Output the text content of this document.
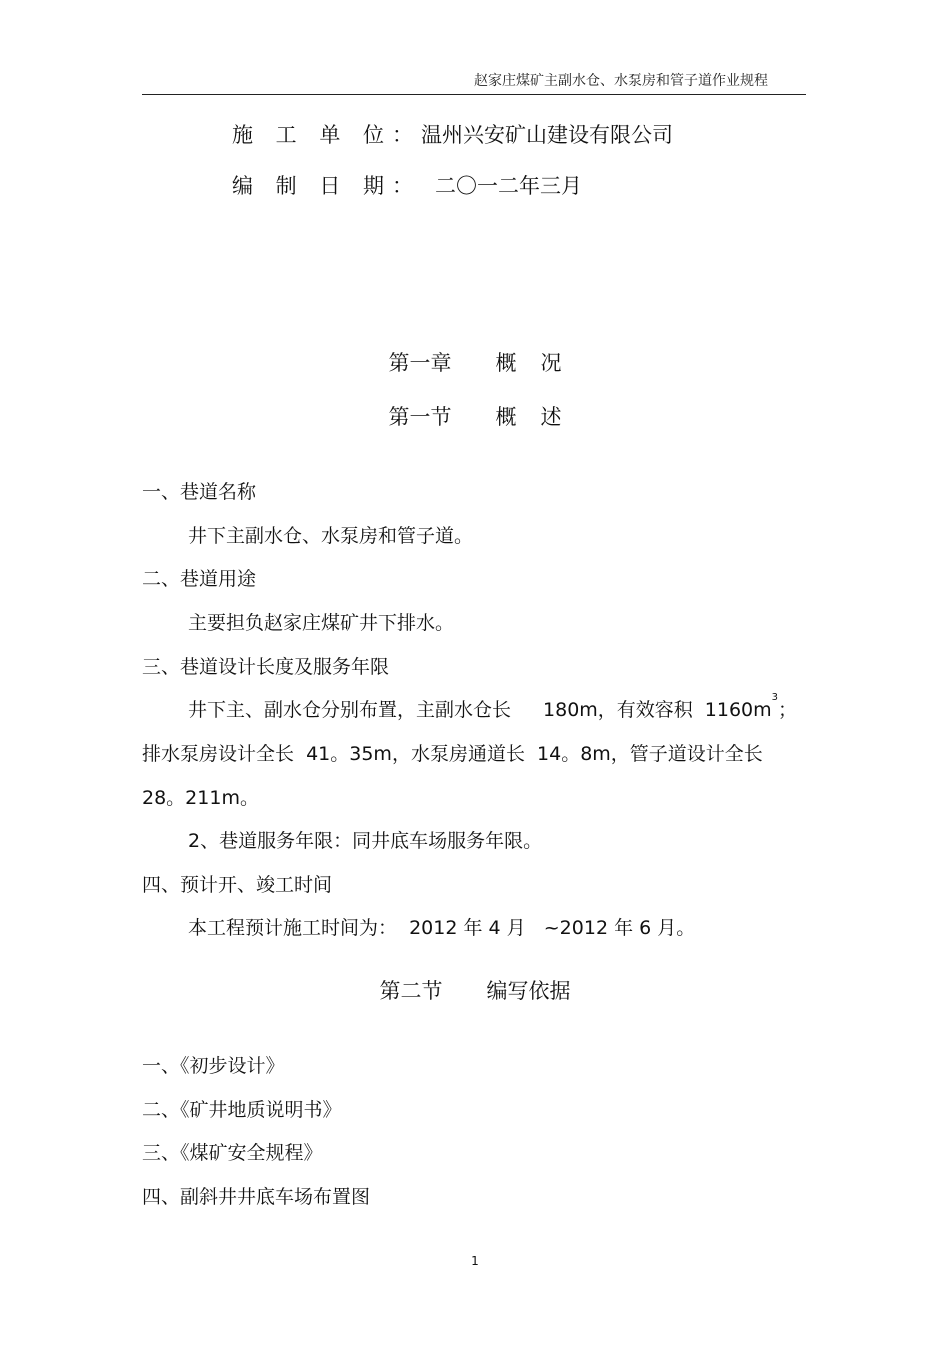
赵家庄煤矿主副水仓、水泵房和管子道作业规程
施 工 单 位：温州兴安矿山建设有限公司
编 制 日 期： 二〇一二年三月
第一章 概 况
第一节 概 述
一、巷道名称
井下主副水仓、水泵房和管子道。
二、巷道用途
主要担负赵家庄煤矿井下排水。
三、巷道设计长度及服务年限
井下主、副水仓分别布置，主副水仓长 180m，有效容积 $1160m^3$；
排水泵房设计全长  41。35m，水泵房通道长  14。8m，管子道设计全长
28。211m。
2、巷道服务年限：同井底车场服务年限。
四、预计开、竣工时间
本工程预计施工时间为：  2012 年 4 月   ~2012 年 6 月。
第二节 编写依据
一、《初步设计》
二、《矿井地质说明书》
三、《煤矿安全规程》
四、副斜井井底车场布置图
1
